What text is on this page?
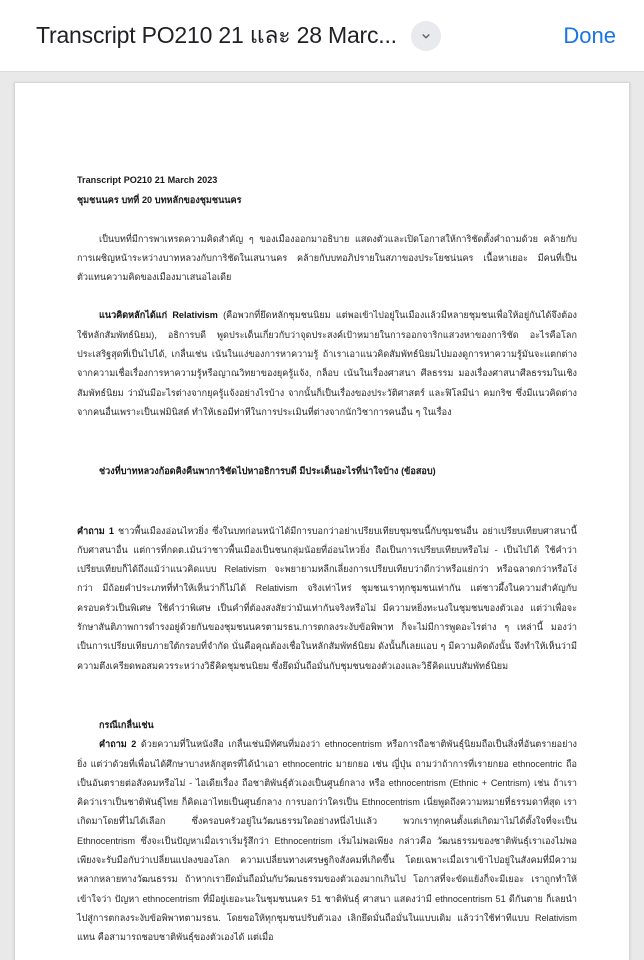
Transcript PO210 21 และ 28 Marc...	Done
Transcript PO210 21 March 2023
ชุมชนนคร บทที่ 20 บทหลักของชุมชนนคร

เป็นบทที่มีการพาเหรดความคิดสำคัญ ๆ ของเมืองออกมาอธิบาย แสดงตัวและเปิดโอกาสให้การิชัดตั้งคำถามด้วย คล้ายกับการเผชิญหน้าระหว่างบาทหลวงกับการิชัดในเสนานคร คล้ายกับบทอภิปรายในสภาของประโยชน่นคร เนื้อหาเยอะ มีคนที่เป็นตัวแทนความคิดของเมืองมาเสนอไอเดีย

แนวคิดหลักได้แก่ Relativism (คือพวกที่ยึดหลักชุมชนนิยม แต่พอเข้าไปอยู่ในเมืองแล้วมีหลายชุมชนเพื่อให้อยู่กันได้จึงต้องใช้หลักสัมพัทธ์นิยม), อธิการบดี พูดประเด็นเกี่ยวกับว่าจุดประสงค์เป้าหมายในการออกจาริกแสวงหาของการิชัด อะไรคือโลกประเสริฐสุดที่เป็นไปได้, เกลื่นเช่น เน้นในแง่ของการหาความรู้ ถ้าเราเอาแนวคิดสัมพัทธ์นิยมไปมองดูการหาความรู้มันจะแตกต่างจากความเชื่อเรื่องการหาความรู้หรือญาณวิทยาของยุครู้แจ้ง, กล็อบ เน้นในเรื่องศาสนา ศีลธรรม มองเรื่องศาสนาศีลธรรมในเชิงสัมพัทธ์นิยม ว่ามันมีอะไรต่างจากยุครู้แจ้งอย่างไรบ้าง จากนั้นก็เป็นเรื่องของประวัติศาสตร์ และฟิโลมีน่า คมกริช ซึ่งมีแนวคิดต่างจากคนอื่นเพราะเป็นเฟมินิสต์ ทำให้เธอมีท่าทีในการประเมินที่ต่างจากนักวิชาการคนอื่น ๆ ในเรื่อง

ช่วงที่บาทหลวงก้อดคิงคืนพาการิชัดไปหาอธิการบดี มีประเด็นอะไรที่น่าใจบ้าง (ข้อสอบ)

คำถาม 1 ชาวพื้นเมืองอ่อนไหวยิ่ง ซึ่งในบทก่อนหน้าได้มีการบอกว่าอย่าเปรียบเทียบชุมชนนี้กับชุมชนอื่น อย่าเปรียบเทียบศาสนานี้กับศาสนาอื่น แต่การที่กดต.เม้นว่าชาวพื้นเมืองเป็นชนกลุ่มน้อยที่อ่อนไหวยิ่ง ถือเป็นการเปรียบเทียบหรือไม่ - เป็นไปได้ ใช้คำว่าเปรียบเทียบก็ได้ถึงแม้ว่าแนวคิดแบบ Relativism จะพยายามหลีกเลี่ยงการเปรียบเทียบว่าดีกว่าหรือแย่กว่า หรือฉลาดกว่าหรือโง่กว่า มีถ้อยคำประเภทที่ทำให้เห็นว่าก็ไม่ได้ Relativism จริงเท่าไหร่ ชุมชนเราทุกชุมชนเท่ากัน แต่ชาวผึ้งในความสำคัญกับครอบครัวเป็นพิเศษ ใช้คำว่าพิเศษ เป็นคำที่ต้องสงสัยว่ามันเท่ากันจริงหรือไม่ มีความหยิ่งทะนงในชุมชนของตัวเอง แต่ว่าเพื่อจะรักษาสันติภาพการดำรงอยู่ด้วยกันของชุมชนนครตามรธน.การตกลงระงับข้อพิพาท ก็จะไม่มีการพูดอะไรต่าง ๆ เหล่านี้ มองว่าเป็นการเปรียบเทียบภายใต้กรอบที่จำกัด นั่นคือคุณต้องเชื่อในหลักสัมพัทธ์นิยม ดังนั้นก็เลยแอบ ๆ มีความคิดดังนั้น จึงทำให้เห็นว่ามีความตึงเครียดพอสมควรระหว่างวิธีคิดชุมชนนิยม ซึ่งยึดมั่นถือมั่นกับชุมชนของตัวเองและวิธีคิดแบบสัมพัทธ์นิยม

กรณีเกลื่นเช่น

คำถาม 2 ด้วยความที่ในหนังสือ เกลื่นเช่นมีทัศนที่มองว่า ethnocentrism หรือการถือชาติพันธุ์นิยมถือเป็นสิ่งที่อันตรายอย่างยิ่ง แต่ว่าด้วยที่เพื่อนได้ศึกษาบางหลักสูตรที่ได้นำเอา ethnocentric มายกยอ เช่น ญี่ปุ่น ถามว่าถ้าการที่เรายกยอ ethnocentric ถือเป็นอันตรายต่อสังคมหรือไม่ - ไอเดียเรื่อง ถือชาติพันธุ์ตัวเองเป็นศูนย์กลาง หรือ ethnocentrism (Ethnic + Centrism) เช่น ถ้าเราคิดว่าเราเป็นชาติพันธุ์ไทย ก็คิดเอาไทยเป็นศูนย์กลาง การบอกว่าใครเป็น Ethnocentrism เนี่ยพูดถึงความหมายที่ธรรมดาที่สุด เราเกิดมาโดยที่ไม่ได้เลือก ซึ่งครอบครัวอยู่ในวัฒนธรรมใดอย่างหนึ่งไปแล้ว พวกเราทุกคนตั้งแต่เกิดมาไม่ได้ตั้งใจที่จะเป็น Ethnocentrism ซึ่งจะเป็นปัญหาเมื่อเราเริ่มรู้สึกว่า Ethnocentrism เริ่มไม่พอเพียง กล่าวคือ วัฒนธรรมของชาติพันธุ์เราเองไม่พอเพียงจะรับมือกับว่าเปลี่ยนแปลงของโลก ความเปลี่ยนทางเศรษฐกิจสังคมที่เกิดขึ้น โดยเฉพาะเมื่อเราเข้าไปอยู่ในสังคมที่มีความหลากหลายทางวัฒนธรรม ถ้าหากเรายึดมั่นถือมั่นกับวัฒนธรรมของตัวเองมากเกินไป โอกาสที่จะขัดแย้งก็จะมีเยอะ เราถูกทำให้เข้าใจว่า ปัญหา ethnocentrism ที่มีอยู่เยอะนะในชุมชนนคร 51 ชาติพันธุ์ ศาสนา แสดงว่ามี ethnocentrism 51 ดีกันตาย ก็เลยนำไปสู่การตกลงระงับข้อพิพาทตามรธน. โดยขอให้ทุกชุมชนปรับตัวเอง เลิกยึดมั่นถือมั่นในแบบเดิม แล้วว่าใช้ท่าทีแบบ Relativism แทน คือสามารถชอบชาติพันธุ์ของตัวเองได้ แต่เมื่อ
